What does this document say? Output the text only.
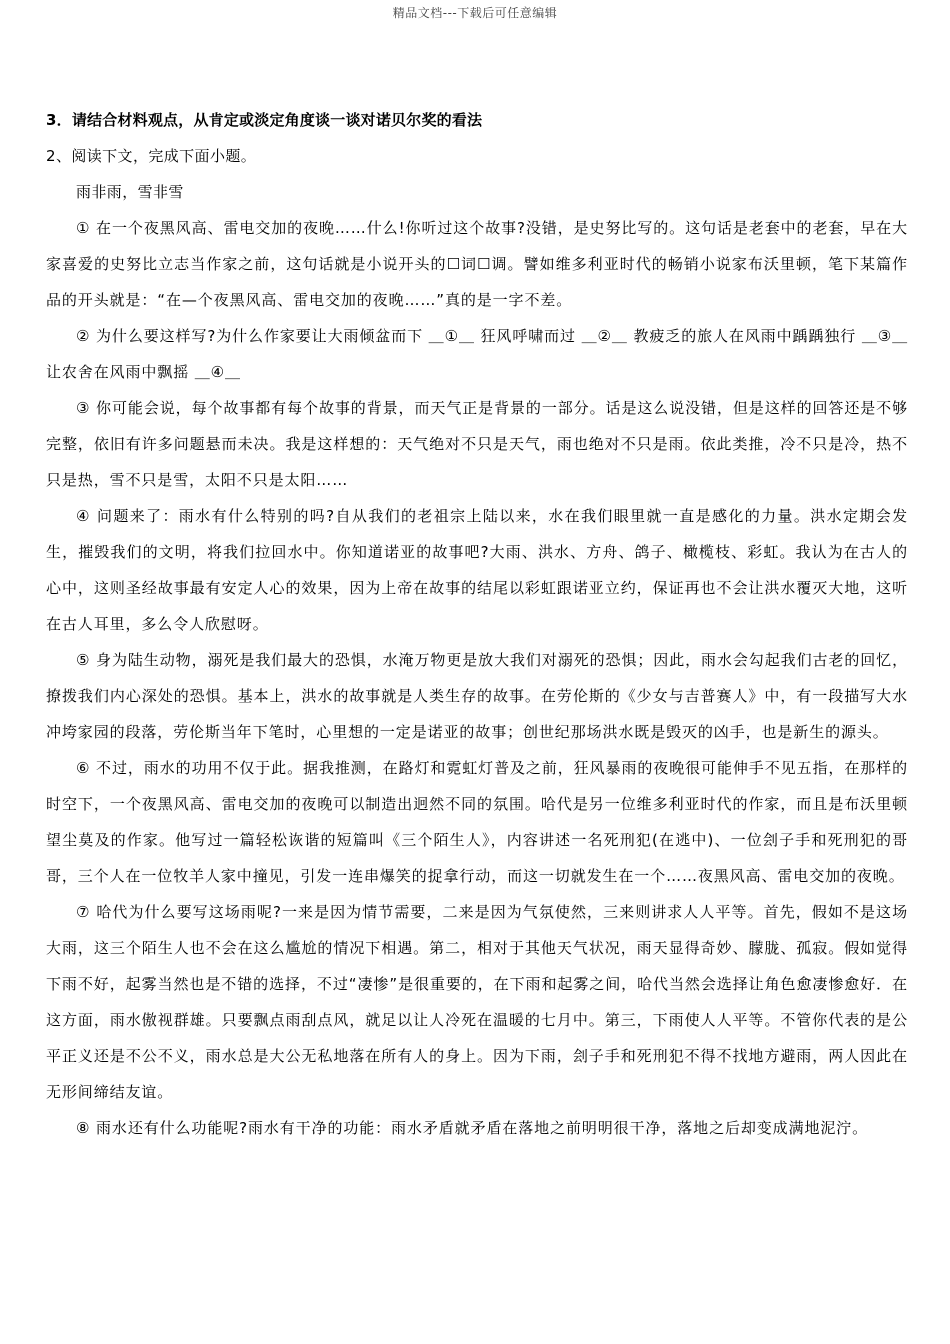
精品文档---下载后可任意编辑
3．请结合材料观点，从肯定或淡定角度谈一谈对诺贝尔奖的看法
2、阅读下文，完成下面小题。
雨非雨，雪非雪
① 在一个夜黑风高、雷电交加的夜晚……什么!你听过这个故事?没错，是史努比写的。这句话是老套中的老套，早在大家喜爱的史努比立志当作家之前，这句话就是小说开头的☐词☐调。譬如维多利亚时代的畅销小说家布沃里顿，笔下某篇作品的开头就是：“在—个夜黑风高、雷电交加的夜晚……”真的是一字不差。
② 为什么要这样写?为什么作家要让大雨倾盆而下 ＿①＿ 狂风呼啸而过 ＿②＿ 教疲乏的旅人在风雨中踽踽独行 ＿③＿ 让农舍在风雨中飘摇 ＿④＿
③ 你可能会说，每个故事都有每个故事的背景，而天气正是背景的一部分。话是这么说没错，但是这样的回答还是不够完整，依旧有许多问题悬而未决。我是这样想的：天气绝对不只是天气，雨也绝对不只是雨。依此类推，冷不只是冷，热不只是热，雪不只是雪，太阳不只是太阳……
④ 问题来了：雨水有什么特别的吗?自从我们的老祖宗上陆以来，水在我们眼里就一直是感化的力量。洪水定期会发生，摧毁我们的文明，将我们拉回水中。你知道诺亚的故事吧?大雨、洪水、方舟、鸽子、橄榄枝、彩虹。我认为在古人的心中，这则圣经故事最有安定人心的效果，因为上帝在故事的结尾以彩虹跟诺亚立约，保证再也不会让洪水覆灭大地，这听在古人耳里，多么令人欣慰呀。
⑤ 身为陆生动物，溺死是我们最大的恐惧，水淹万物更是放大我们对溺死的恐惧；因此，雨水会勾起我们古老的回忆，撩拨我们内心深处的恐惧。基本上，洪水的故事就是人类生存的故事。在劳伦斯的《少女与吉普赛人》中，有一段描写大水冲垮家园的段落，劳伦斯当年下笔时，心里想的一定是诺亚的故事；创世纪那场洪水既是毁灭的凶手，也是新生的源头。
⑥ 不过，雨水的功用不仅于此。据我推测，在路灯和霓虹灯普及之前，狂风暴雨的夜晚很可能伸手不见五指，在那样的时空下，一个夜黑风高、雷电交加的夜晚可以制造出迥然不同的氛围。哈代是另一位维多利亚时代的作家，而且是布沃里顿望尘莫及的作家。他写过一篇轻松诙谐的短篇叫《三个陌生人》，内容讲述一名死刑犯(在逃中)、一位刽子手和死刑犯的哥哥，三个人在一位牧羊人家中撞见，引发一连串爆笑的捉拿行动，而这一切就发生在一个……夜黑风高、雷电交加的夜晚。
⑦ 哈代为什么要写这场雨呢?一来是因为情节需要，二来是因为气氛使然，三来则讲求人人平等。首先，假如不是这场大雨，这三个陌生人也不会在这么尴尬的情况下相遇。第二，相对于其他天气状况，雨天显得奇妙、朦胧、孤寂。假如觉得下雨不好，起雾当然也是不错的选择，不过“凄惨”是很重要的，在下雨和起雾之间，哈代当然会选择让角色愈凄惨愈好．在这方面，雨水傲视群雄。只要飘点雨刮点风，就足以让人冷死在温暖的七月中。第三，下雨使人人平等。不管你代表的是公平正义还是不公不义，雨水总是大公无私地落在所有人的身上。因为下雨，刽子手和死刑犯不得不找地方避雨，两人因此在无形间缔结友谊。
⑧ 雨水还有什么功能呢?雨水有干净的功能：雨水矛盾就矛盾在落地之前明明很干净，落地之后却变成满地泥泞。
